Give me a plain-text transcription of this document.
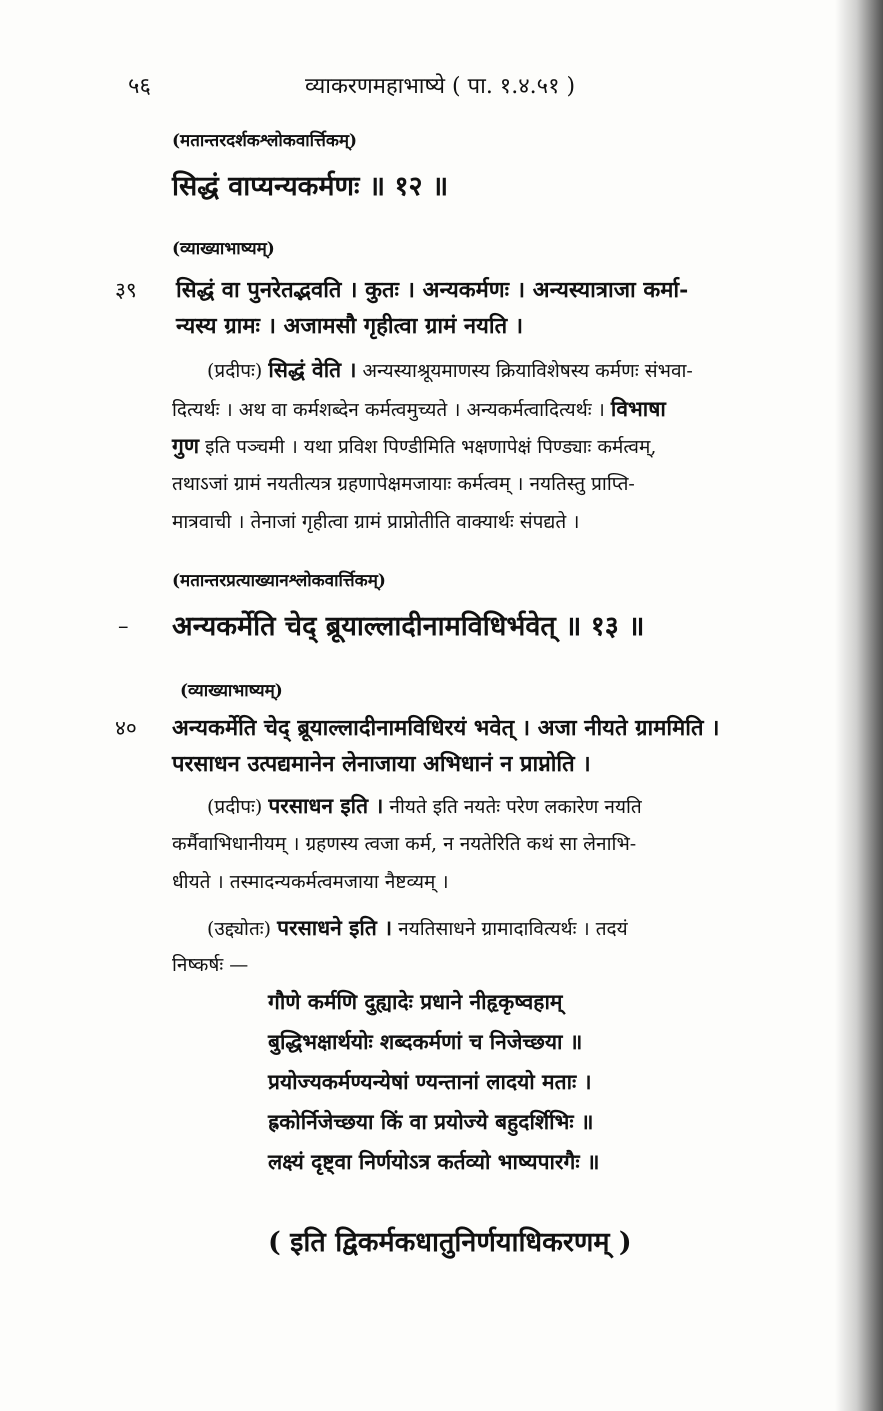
५६	व्याकरणमहाभाष्ये ( पा. १.४.५१ )
(मतान्तरदर्शकश्लोकवार्त्तिकम्)
सिद्धं वाप्यन्यकर्मणः ॥ १२ ॥
(व्याख्याभाष्यम्)
३९ सिद्धं वा पुनरेतद्भवति । कुतः । अन्यकर्मणः । अन्यस्यात्राजा कर्मा-
न्यस्य ग्रामः । अजामसौ गृहीत्वा ग्रामं नयति ।
(प्रदीपः) सिद्धं वेति । अन्यस्याश्रूयमाणस्य क्रियाविशेषस्य कर्मणः संभवा-
दित्यर्थः । अथ वा कर्मशब्देन कर्मत्वमुच्यते । अन्यकर्मत्वादित्यर्थः । विभाषा
गुण इति पञ्चमी । यथा प्रविश पिण्डीमिति भक्षणापेक्षं पिण्ड्याः कर्मत्वम्,
तथाऽजां ग्रामं नयतीत्यत्र ग्रहणापेक्षमजायाः कर्मत्वम् । नयतिस्तु प्राप्ति-
मात्रवाची । तेनाजां गृहीत्वा ग्रामं प्राप्नोतीति वाक्यार्थः संपद्यते ।
(मतान्तरप्रत्याख्यानश्लोकवार्त्तिकम्)
– अन्यकर्मेति चेद् ब्रूयाल्लादीनामविधिर्भवेत् ॥ १३ ॥
(व्याख्याभाष्यम्)
४० अन्यकर्मेति चेद् ब्रूयाल्लादीनामविधिरयं भवेत् । अजा नीयते ग्राममिति ।
परसाधन उत्पद्यमानेन लेनाजाया अभिधानं न प्राप्नोति ।
(प्रदीपः) परसाधन इति । नीयते इति नयतेः परेण लकारेण नयति
कर्मैवाभिधानीयम् । ग्रहणस्य त्वजा कर्म, न नयतेरिति कथं सा लेनाभि-
धीयते । तस्मादन्यकर्मत्वमजाया नैष्टव्यम् ।
(उद्द्योतः) परसाधने इति । नयतिसाधने ग्रामादावित्यर्थः । तदयं
निष्कर्षः —
गौणे कर्मणि दुह्यादेः प्रधाने नीहृकृष्वहाम्
बुद्धिभक्षार्थयोः शब्दकर्मणां च निजेच्छया ॥
प्रयोज्यकर्मण्यन्येषां ण्यन्तानां लादयो मताः ।
ह्रकोर्निजेच्छया किं वा प्रयोज्ये बहुदर्शिभिः ॥
लक्ष्यं दृष्ट्वा निर्णयोऽत्र कर्तव्यो भाष्यपारगैः ॥
( इति द्विकर्मकधातुनिर्णयाधिकरणम् )
